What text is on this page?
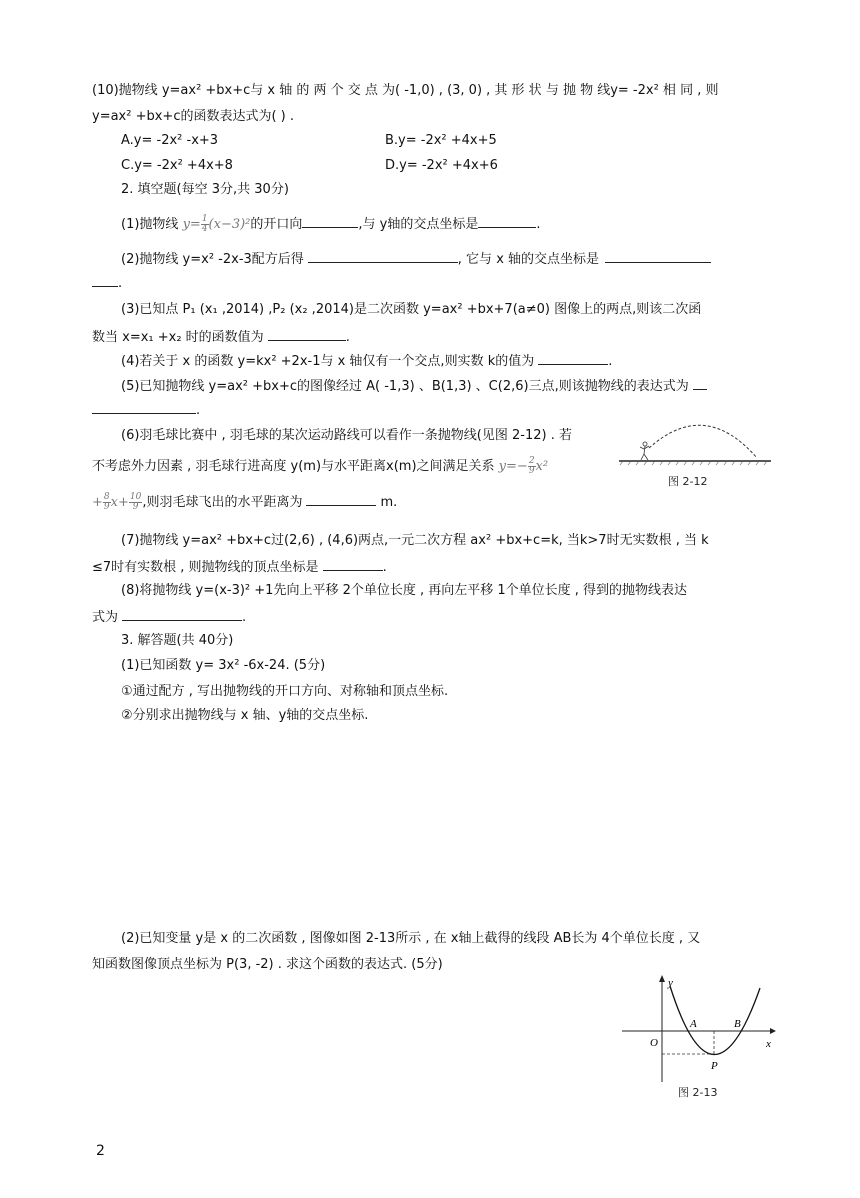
(10)抛物线 y=ax² +bx+c与 x 轴 的 两 个 交 点 为( -1,0) , (3, 0) , 其 形 状 与 抛 物 线y= -2x² 相 同 , 则
y=ax² +bx+c的函数表达式为( ) .
A.y= -2x² -x+3	B.y= -2x² +4x+5
C.y= -2x² +4x+8	D.y= -2x² +4x+6
2. 填空题(每空 3分,共 30分)
(1)抛物线 $y= \frac{1}{4} (x-3)^2$的开口向	,与 y轴的交点坐标是	.
(2)抛物线 y=x² -2x-3配方后得	, 它与 x 轴的交点坐标是
.
(3)已知点 P₁ (x₁ ,2014) ,P₂ (x₂ ,2014)是二次函数 y=ax² +bx+7(a≠0) 图像上的两点,则该二次函
数当 x=x₁ +x₂ 时的函数值为	.
(4)若关于 x 的函数 y=kx² +2x-1与 x 轴仅有一个交点,则实数 k的值为	.
(5)已知抛物线 y=ax² +bx+c的图像经过 A( -1,3) 、B(1,3) 、C(2,6)三点,则该抛物线的表达式为
.
(6)羽毛球比赛中 , 羽毛球的某次运动路线可以看作一条抛物线(见图 2-12) . 若
不考虑外力因素 , 羽毛球行进高度 y(m)与水平距离x(m)之间满足关系 $y=- \frac{2}{9} x^2$
+ $\frac{8}{9} x+ \frac{10}{9}$ ,则羽毛球飞出的水平距离为	m.
图 2-12
(7)抛物线 y=ax² +bx+c过(2,6) , (4,6)两点,一元二次方程 ax² +bx+c=k, 当k>7时无实数根 , 当 k
≤7时有实数根 , 则抛物线的顶点坐标是	.
(8)将抛物线 y=(x-3)² +1先向上平移 2个单位长度 , 再向左平移 1个单位长度 , 得到的抛物线表达
式为	.
3. 解答题(共 40分)
(1)已知函数 y= 3x² -6x-24. (5分)
①通过配方 , 写出抛物线的开口方向、对称轴和顶点坐标.
②分别求出抛物线与 x 轴、y轴的交点坐标.
(2)已知变量 y是 x 的二次函数 , 图像如图 2-13所示 , 在 x轴上截得的线段 AB长为 4个单位长度 , 又
知函数图像顶点坐标为 P(3, -2) . 求这个函数的表达式. (5分)
y
x
O
A	B
P
图 2-13
2
